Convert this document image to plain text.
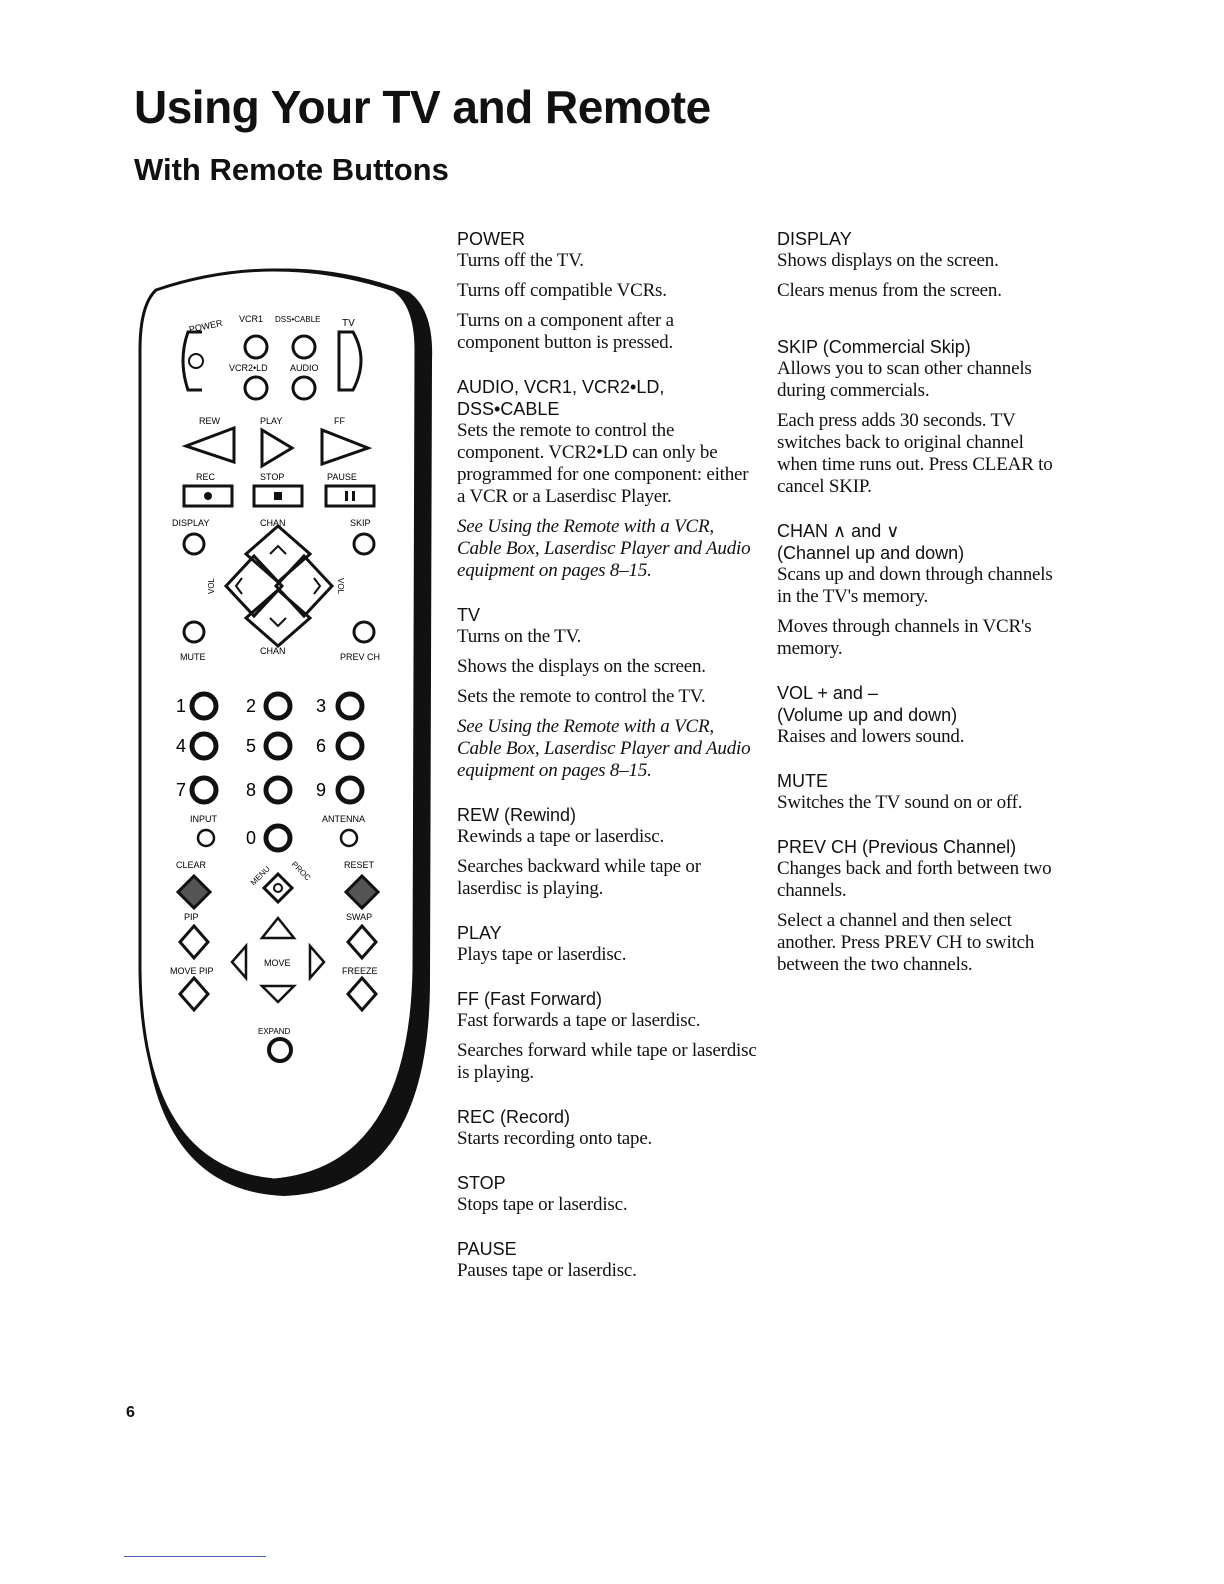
Using Your TV and Remote
With Remote Buttons
POWER VCR1 DSS•CABLE TV
VCR2•LD AUDIO
REW	PLAY	FF
REC	STOP	PAUSE
DISPLAY	CHAN	SKIP
VOL	VOL
MUTE
CHAN
PREV CH
1	2	3
4	5	6
7	8	9
INPUT	ANTENNA
0
CLEAR	RESET
MENU PROC
PIP	SWAP
MOVE
MOVE PIP	FREEZE
EXPAND

POWER

Turns off the TV.

Turns off compatible VCRs.

Turns on a component after a component button is pressed.

AUDIO, VCR1, VCR2•LD, DSS•CABLE

Sets the remote to control the component. VCR2•LD can only be programmed for one component: either a VCR or a Laserdisc Player.

See Using the Remote with a VCR, Cable Box, Laserdisc Player and Audio equipment on pages 8–15.

TV

Turns on the TV.

Shows the displays on the screen.

Sets the remote to control the TV.

See Using the Remote with a VCR, Cable Box, Laserdisc Player and Audio equipment on pages 8–15.

REW (Rewind)

Rewinds a tape or laserdisc.

Searches backward while tape or laserdisc is playing.

PLAY

Plays tape or laserdisc.

FF (Fast Forward)

Fast forwards a tape or laserdisc.

Searches forward while tape or laserdisc is playing.

REC (Record)

Starts recording onto tape.

STOP

Stops tape or laserdisc.

PAUSE

Pauses tape or laserdisc.

DISPLAY

Shows displays on the screen.

Clears menus from the screen.

SKIP (Commercial Skip)

Allows you to scan other channels during commercials.

Each press adds 30 seconds. TV switches back to original channel when time runs out. Press CLEAR to cancel SKIP.

CHAN ∧ and ∨

(Channel up and down)

Scans up and down through channels in the TV's memory.

Moves through channels in VCR's memory.

VOL + and –

(Volume up and down)

Raises and lowers sound.

MUTE

Switches the TV sound on or off.

PREV CH (Previous Channel)

Changes back and forth between two channels.

Select a channel and then select another. Press PREV CH to switch between the two channels.

6
